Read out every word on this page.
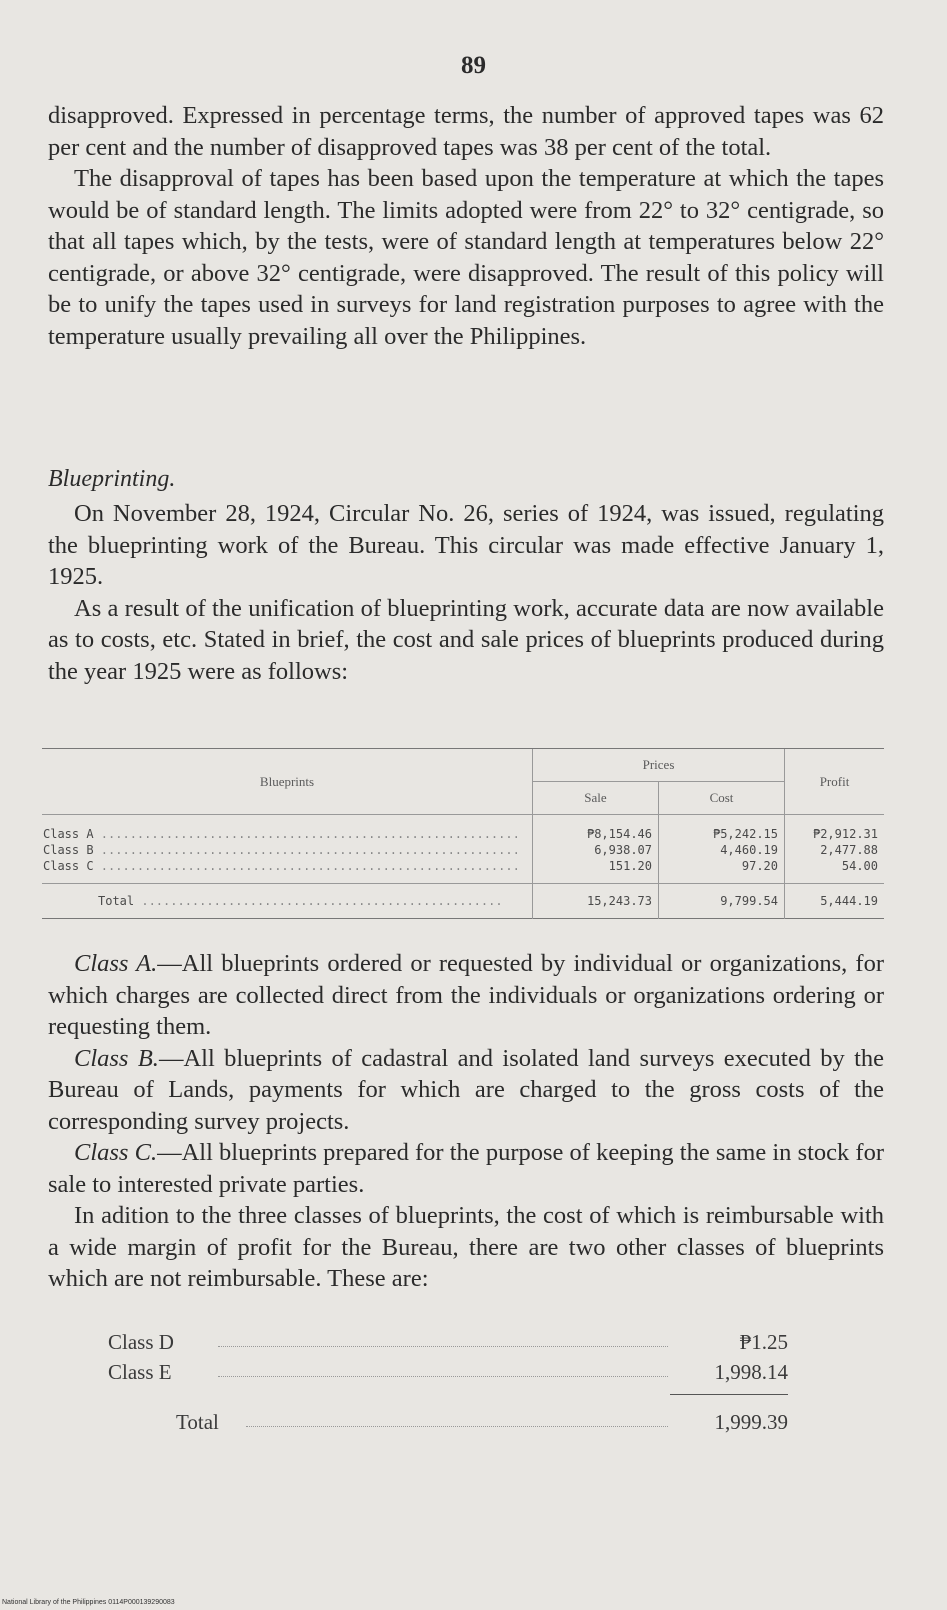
89

disapproved. Expressed in percentage terms, the number of approved tapes was 62 per cent and the number of disapproved tapes was 38 per cent of the total.

The disapproval of tapes has been based upon the temperature at which the tapes would be of standard length. The limits adopted were from 22° to 32° centigrade, so that all tapes which, by the tests, were of standard length at temperatures below 22° centigrade, or above 32° centigrade, were disapproved. The result of this policy will be to unify the tapes used in surveys for land registration purposes to agree with the temperature usually prevailing all over the Philippines.

Blueprinting.

On November 28, 1924, Circular No. 26, series of 1924, was issued, regulating the blueprinting work of the Bureau. This circular was made effective January 1, 1925.

As a result of the unification of blueprinting work, accurate data are now available as to costs, etc. Stated in brief, the cost and sale prices of blueprints produced during the year 1925 were as follows:

Blueprints	Prices		Profit
	Sale	Cost	
Class A ..........................................................	₱8,154.46	₱5,242.15	₱2,912.31
Class B ..........................................................	6,938.07	4,460.19	2,477.88
Class C ..........................................................	151.20	97.20	54.00
Total ..................................................	15,243.73	9,799.54	5,444.19

Class A.—All blueprints ordered or requested by individual or organizations, for which charges are collected direct from the individuals or organizations ordering or requesting them.

Class B.—All blueprints of cadastral and isolated land surveys executed by the Bureau of Lands, payments for which are charged to the gross costs of the corresponding survey projects.

Class C.—All blueprints prepared for the purpose of keeping the same in stock for sale to interested private parties.

In adition to the three classes of blueprints, the cost of which is reimbursable with a wide margin of profit for the Bureau, there are two other classes of blueprints which are not reimbursable. These are:

Class D	₱1.25
Class E	1,998.14
Total	1,999.39
National Library of the Philippines 0114P000139290083
